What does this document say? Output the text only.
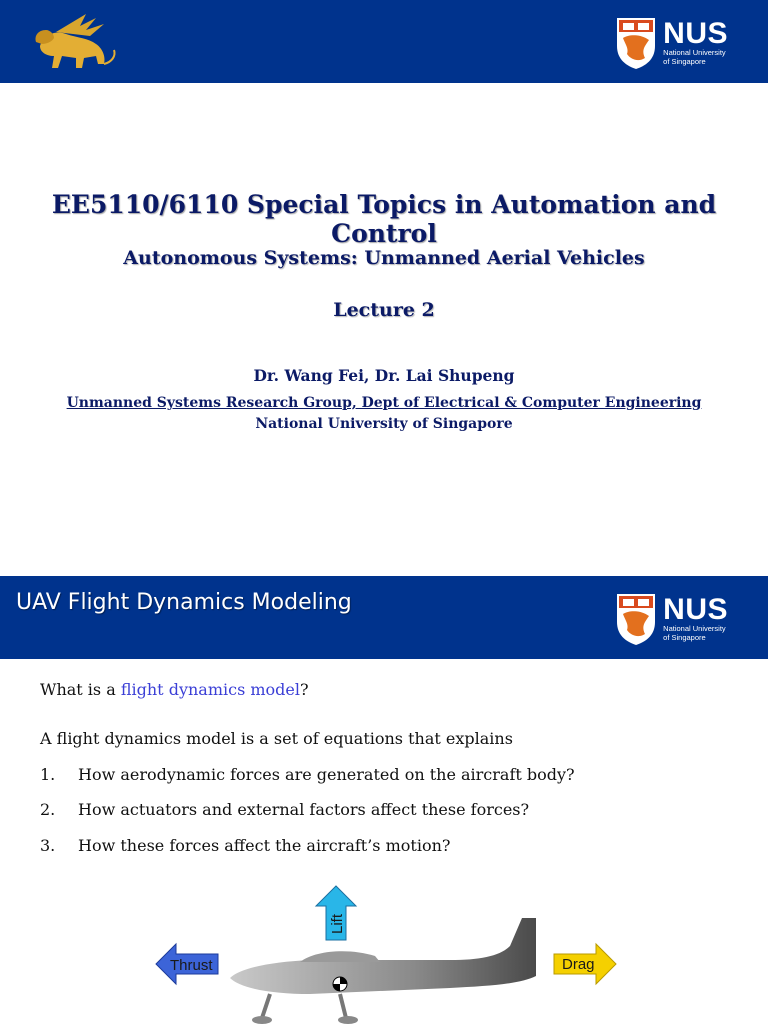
NUS
National University
of Singapore
EE5110/6110 Special Topics in Automation and Control
Autonomous Systems: Unmanned Aerial Vehicles
Lecture 2
Dr. Wang Fei, Dr. Lai Shupeng
Unmanned Systems Research Group, Dept of Electrical & Computer Engineering
National University of Singapore
UAV Flight Dynamics Modeling	NUS
National University
of Singapore
What is a flight dynamics model?
A flight dynamics model is a set of equations that explains
1. How aerodynamic forces are generated on the aircraft body?
2. How actuators and external factors affect these forces?
3. How these forces affect the aircraft’s motion?
Lift
Thrust	Drag
